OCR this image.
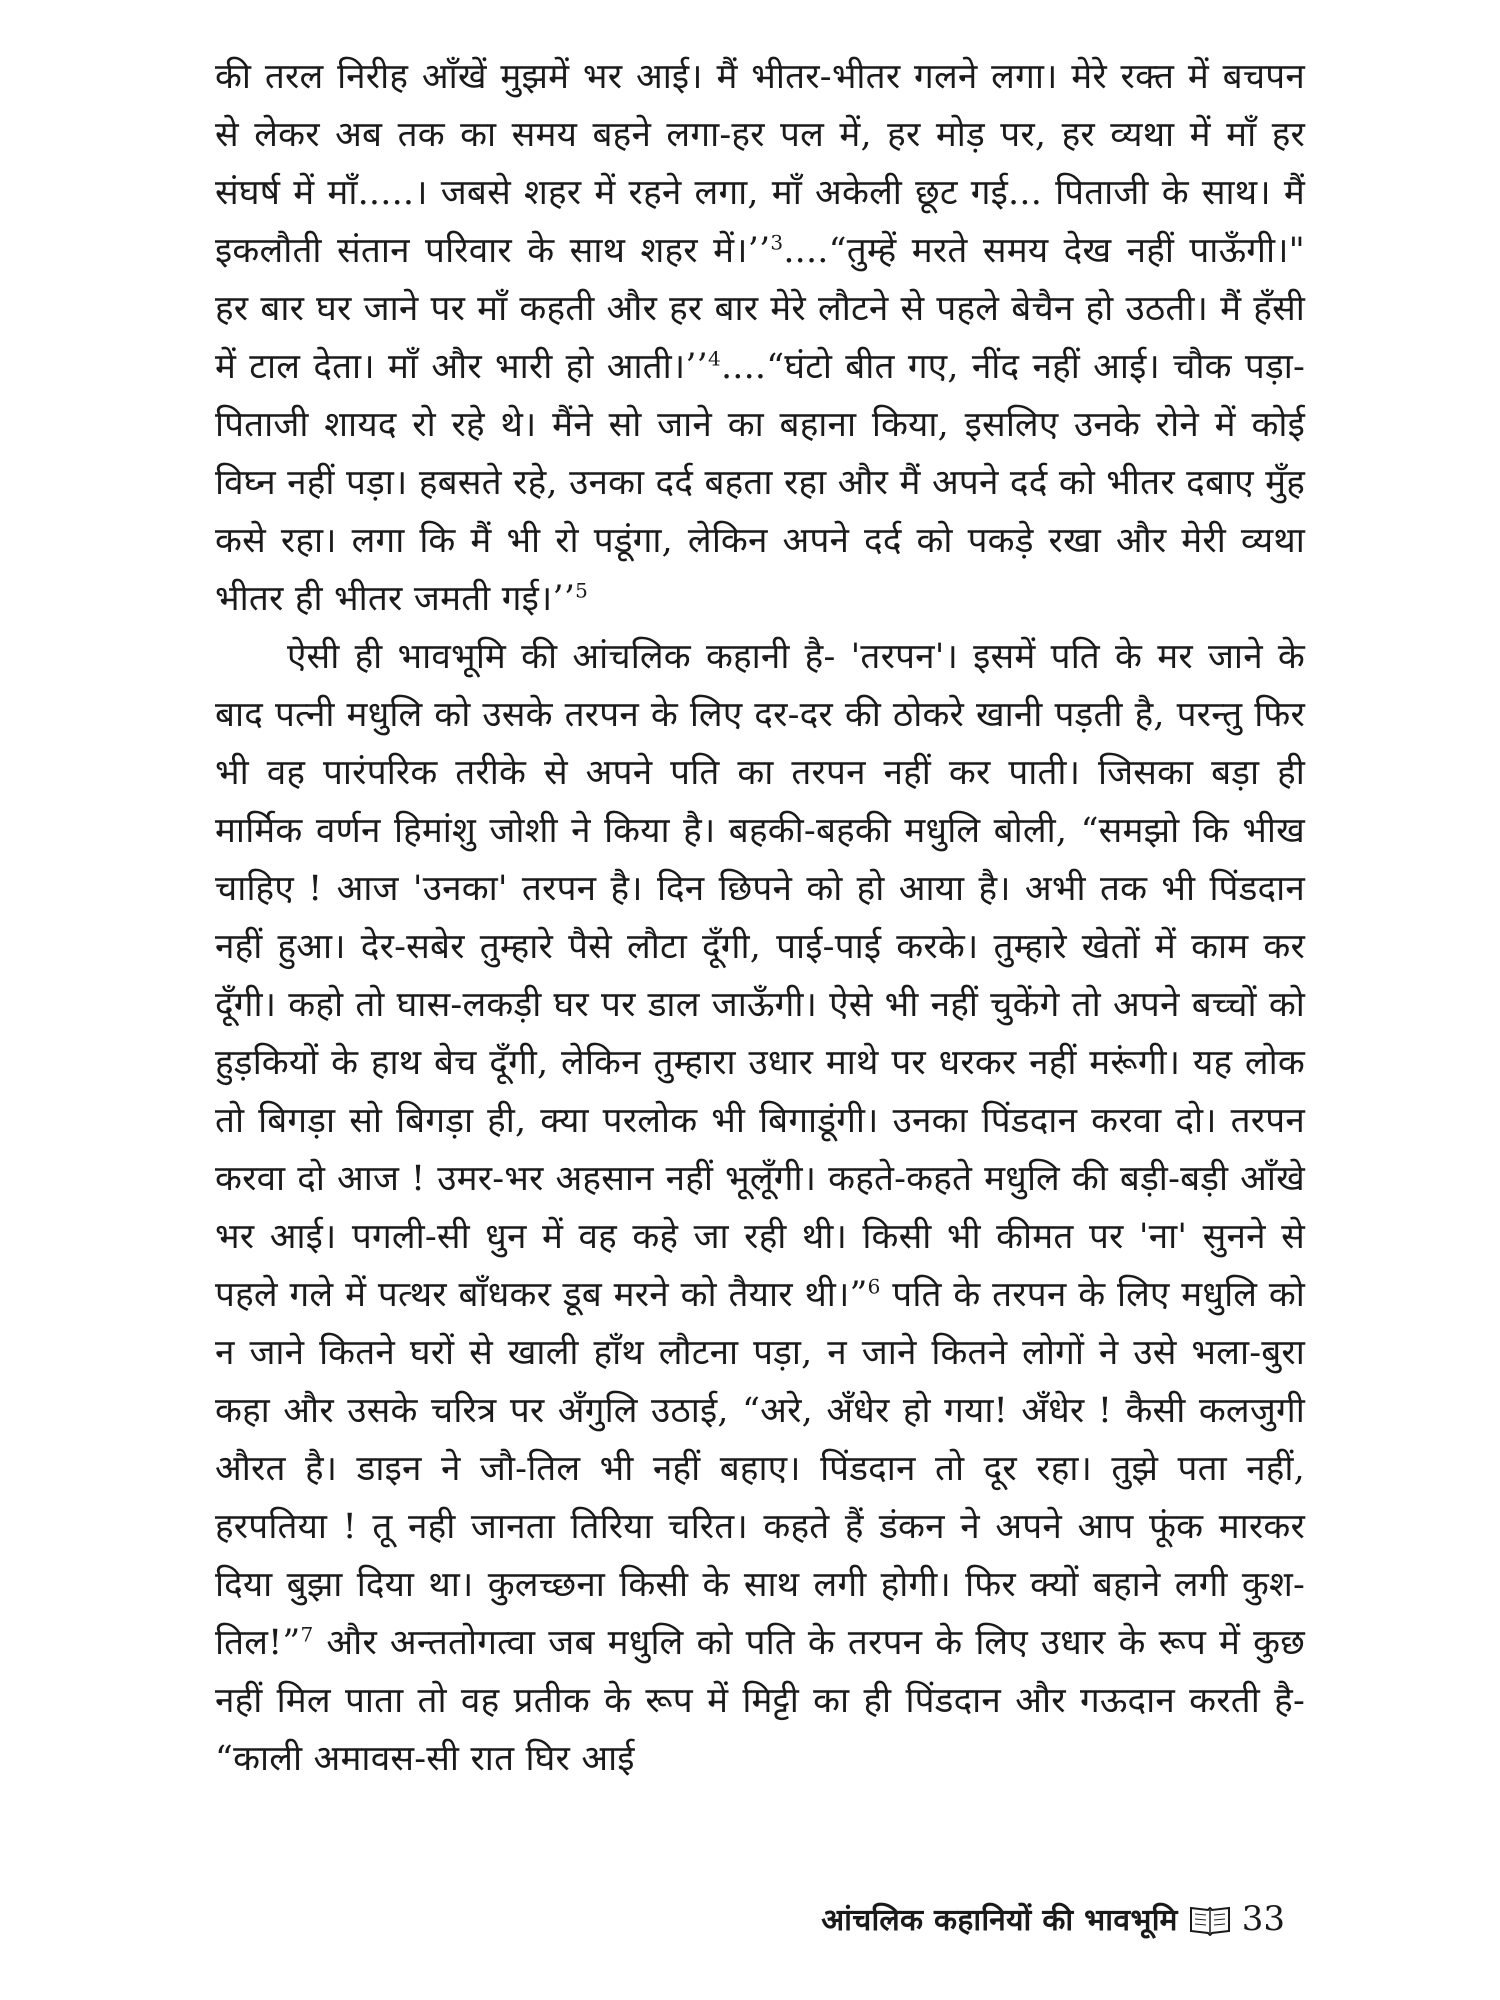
की तरल निरीह आँखें मुझमें भर आई। मैं भीतर-भीतर गलने लगा। मेरे रक्त में बचपन से लेकर अब तक का समय बहने लगा-हर पल में, हर मोड़ पर, हर व्यथा में माँ हर संघर्ष में माँ.....। जबसे शहर में रहने लगा, माँ अकेली छूट गई... पिताजी के साथ। मैं इकलौती संतान परिवार के साथ शहर में।’’$^3$....“तुम्हें मरते समय देख नहीं पाऊँगी।" हर बार घर जाने पर माँ कहती और हर बार मेरे लौटने से पहले बेचैन हो उठती। मैं हँसी में टाल देता। माँ और भारी हो आती।’’$^4$....“घंटो बीत गए, नींद नहीं आई। चौक पड़ा-पिताजी शायद रो रहे थे। मैंने सो जाने का बहाना किया, इसलिए उनके रोने में कोई विघ्न नहीं पड़ा। हबसते रहे, उनका दर्द बहता रहा और मैं अपने दर्द को भीतर दबाए मुँह कसे रहा। लगा कि मैं भी रो पडूंगा, लेकिन अपने दर्द को पकड़े रखा और मेरी व्यथा भीतर ही भीतर जमती गई।’’$^5$

ऐसी ही भावभूमि की आंचलिक कहानी है- 'तरपन'। इसमें पति के मर जाने के बाद पत्नी मधुलि को उसके तरपन के लिए दर-दर की ठोकरे खानी पड़ती है, परन्तु फिर भी वह पारंपरिक तरीके से अपने पति का तरपन नहीं कर पाती। जिसका बड़ा ही मार्मिक वर्णन हिमांशु जोशी ने किया है। बहकी-बहकी मधुलि बोली, “समझो कि भीख चाहिए ! आज 'उनका' तरपन है। दिन छिपने को हो आया है। अभी तक भी पिंडदान नहीं हुआ। देर-सबेर तुम्हारे पैसे लौटा दूँगी, पाई-पाई करके। तुम्हारे खेतों में काम कर दूँगी। कहो तो घास-लकड़ी घर पर डाल जाऊँगी। ऐसे भी नहीं चुकेंगे तो अपने बच्चों को हुड़कियों के हाथ बेच दूँगी, लेकिन तुम्हारा उधार माथे पर धरकर नहीं मरूंगी। यह लोक तो बिगड़ा सो बिगड़ा ही, क्या परलोक भी बिगाडूंगी। उनका पिंडदान करवा दो। तरपन करवा दो आज ! उमर-भर अहसान नहीं भूलूँगी। कहते-कहते मधुलि की बड़ी-बड़ी आँखे भर आई। पगली-सी धुन में वह कहे जा रही थी। किसी भी कीमत पर 'ना' सुनने से पहले गले में पत्थर बाँधकर डूब मरने को तैयार थी।”$^6$ पति के तरपन के लिए मधुलि को न जाने कितने घरों से खाली हाँथ लौटना पड़ा, न जाने कितने लोगों ने उसे भला-बुरा कहा और उसके चरित्र पर अँगुलि उठाई, “अरे, अँधेर हो गया! अँधेर ! कैसी कलजुगी औरत है। डाइन ने जौ-तिल भी नहीं बहाए। पिंडदान तो दूर रहा। तुझे पता नहीं, हरपतिया ! तू नही जानता तिरिया चरित। कहते हैं डंकन ने अपने आप फूंक मारकर दिया बुझा दिया था। कुलच्छना किसी के साथ लगी होगी। फिर क्यों बहाने लगी कुश-तिल!”$^7$ और अन्ततोगत्वा जब मधुलि को पति के तरपन के लिए उधार के रूप में कुछ नहीं मिल पाता तो वह प्रतीक के रूप में मिट्टी का ही पिंडदान और गऊदान करती है- “काली अमावस-सी रात घिर आई

आंचलिक कहानियों की भावभूमि 33
